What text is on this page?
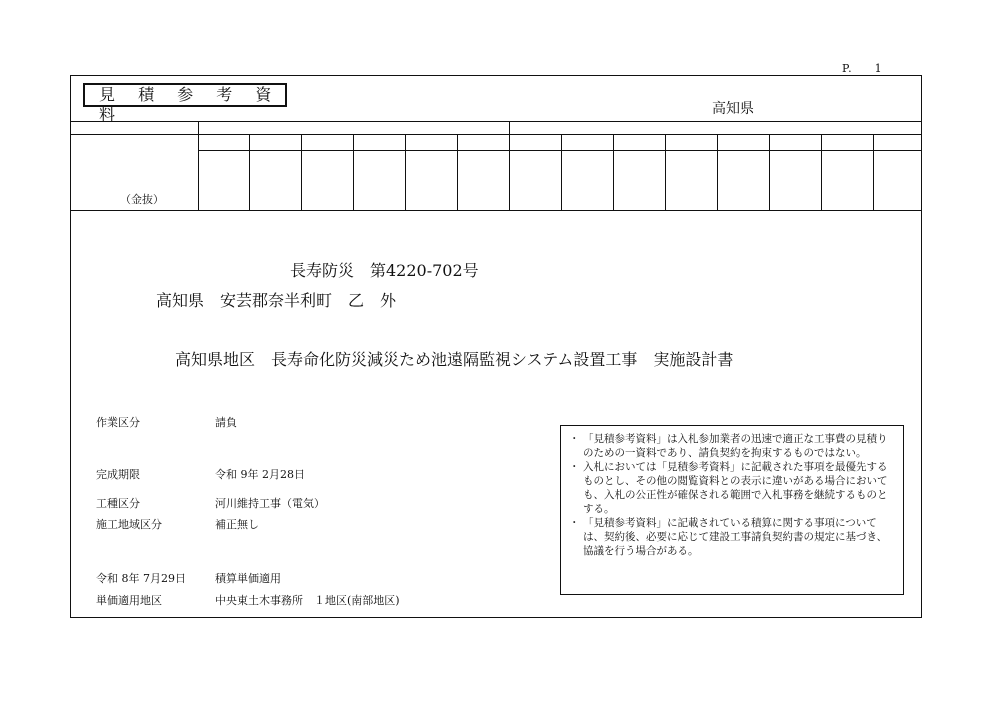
P. 1
見 積 参 考 資 料	高知県
（金抜）
長寿防災　第4220-702号
高知県　安芸郡奈半利町　乙　外
高知県地区　長寿命化防災減災ため池遠隔監視システム設置工事　実施設計書
作業区分	請負
完成期限	令和 9年 2月28日
工種区分	河川維持工事（電気）
施工地域区分	補正無し
令和 8年 7月29日	積算単価適用
単価適用地区	中央東土木事務所　１地区(南部地区)
・ 「見積参考資料」は入札参加業者の迅速で適正な工事費の見積りのための一資料であり、請負契約を拘束するものではない。
・ 入札においては「見積参考資料」に記載された事項を最優先するものとし、その他の閲覧資料との表示に違いがある場合においても、入札の公正性が確保される範囲で入札事務を継続するものとする。
・ 「見積参考資料」に記載されている積算に関する事項については、契約後、必要に応じて建設工事請負契約書の規定に基づき、協議を行う場合がある。
